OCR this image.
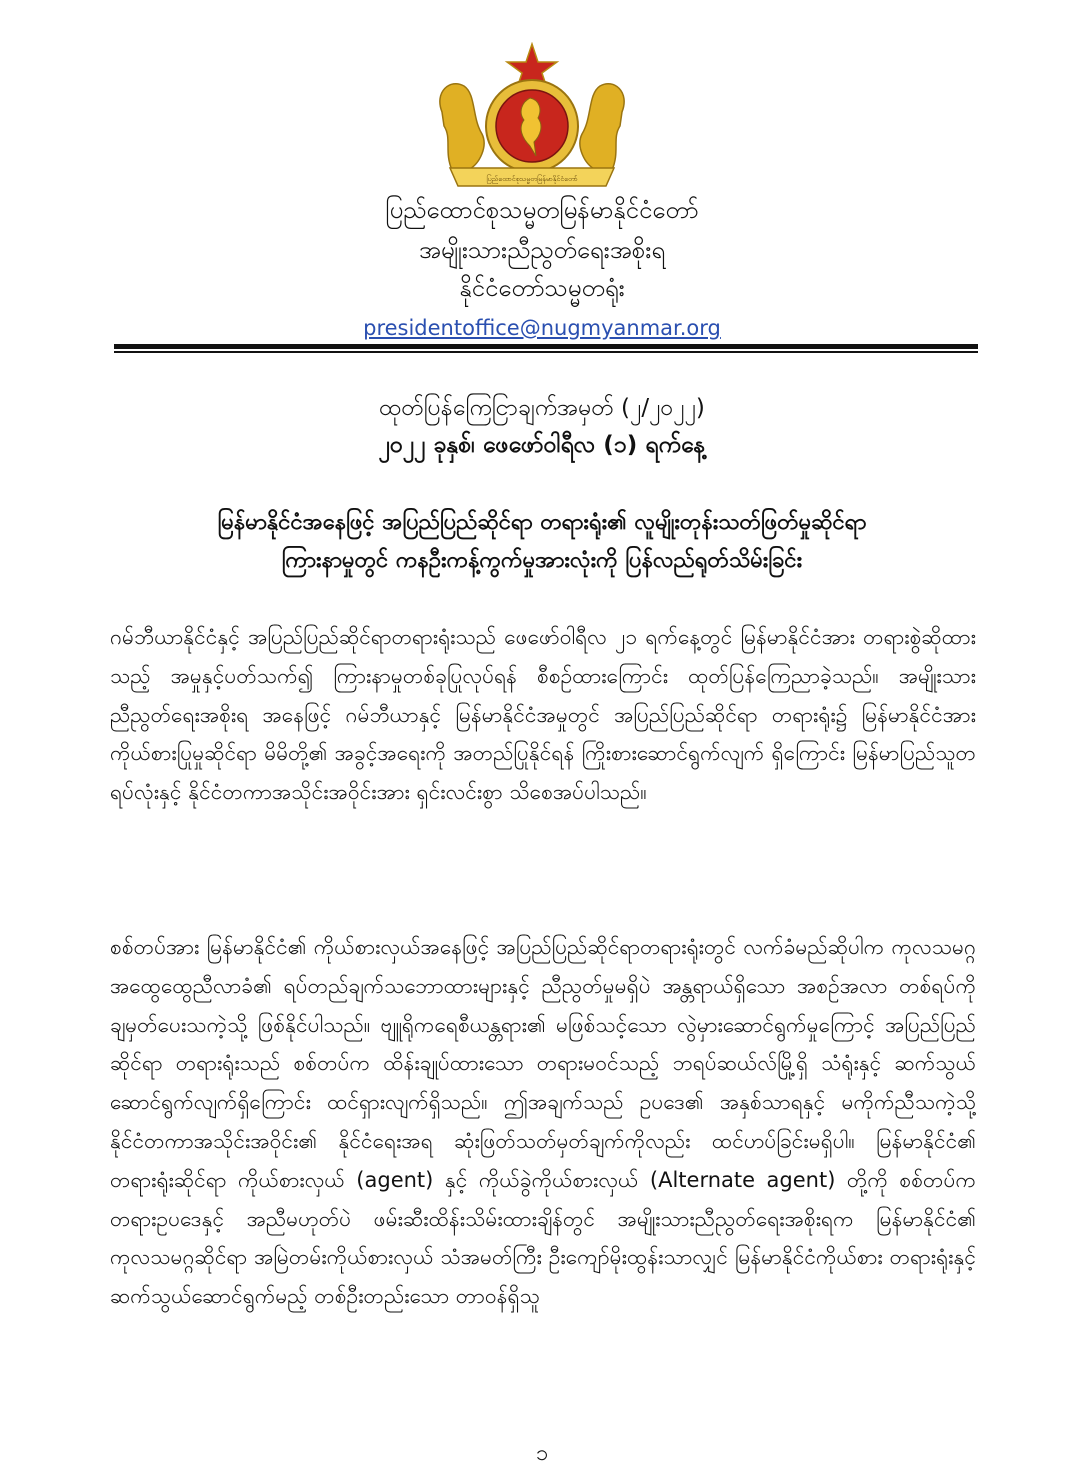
ပြည်ထောင်စုသမ္မတမြန်မာနိုင်ငံတော်
ပြည်ထောင်စုသမ္မတမြန်မာနိုင်ငံတော်
အမျိုးသားညီညွတ်ရေးအစိုးရ
နိုင်ငံတော်သမ္မတရုံး
presidentoffice@nugmyanmar.org
ထုတ်ပြန်ကြေငြာချက်အမှတ် (၂/၂၀၂၂)
၂၀၂၂ ခုနှစ်၊ ဖေဖော်ဝါရီလ (၁) ရက်နေ့
မြန်မာနိုင်ငံအနေဖြင့် အပြည်ပြည်ဆိုင်ရာ တရားရုံး၏ လူမျိုးတုန်းသတ်ဖြတ်မှုဆိုင်ရာ
ကြားနာမှုတွင် ကနဦးကန့်ကွက်မှုအားလုံးကို ပြန်လည်ရုတ်သိမ်းခြင်း
ဂမ်ဘီယာနိုင်ငံနှင့် အပြည်ပြည်ဆိုင်ရာတရားရုံးသည် ဖေဖော်ဝါရီလ ၂၁ ရက်နေ့တွင် မြန်မာနိုင်ငံအား တရားစွဲဆိုထားသည့် အမှုနှင့်ပတ်သက်၍ ကြားနာမှုတစ်ခုပြုလုပ်ရန် စီစဉ်ထားကြောင်း ထုတ်ပြန်ကြေညာခဲ့သည်။ အမျိုးသားညီညွတ်ရေးအစိုးရ အနေဖြင့် ဂမ်ဘီယာနှင့် မြန်မာနိုင်ငံအမှုတွင် အပြည်ပြည်ဆိုင်ရာ တရားရုံး၌ မြန်မာနိုင်ငံအား ကိုယ်စားပြုမှုဆိုင်ရာ မိမိတို့၏ အခွင့်အရေးကို အတည်ပြုနိုင်ရန် ကြိုးစားဆောင်ရွက်လျက် ရှိကြောင်း မြန်မာပြည်သူတရပ်လုံးနှင့် နိုင်ငံတကာအသိုင်းအဝိုင်းအား ရှင်းလင်းစွာ သိစေအပ်ပါသည်။
စစ်တပ်အား မြန်မာနိုင်ငံ၏ ကိုယ်စားလှယ်အနေဖြင့် အပြည်ပြည်ဆိုင်ရာတရားရုံးတွင် လက်ခံမည်ဆိုပါက ကုလသမဂ္ဂ အထွေထွေညီလာခံ၏ ရပ်တည်ချက်သဘောထားများနှင့် ညီညွတ်မှုမရှိပဲ အန္တရာယ်ရှိသော အစဉ်အလာ တစ်ရပ်ကို ချမှတ်ပေးသကဲ့သို့ ဖြစ်နိုင်ပါသည်။ ဗျူရိုကရေစီယန္တရား၏ မဖြစ်သင့်သော လွဲမှားဆောင်ရွက်မှုကြောင့် အပြည်ပြည်ဆိုင်ရာ တရားရုံးသည် စစ်တပ်က ထိန်းချုပ်ထားသော တရားမဝင်သည့် ဘရပ်ဆယ်လ်မြို့ရှိ သံရုံးနှင့် ဆက်သွယ်ဆောင်ရွက်လျက်ရှိကြောင်း ထင်ရှားလျက်ရှိသည်။ ဤအချက်သည် ဥပဒေ၏ အနှစ်သာရနှင့် မကိုက်ညီသကဲ့သို့ နိုင်ငံတကာအသိုင်းအဝိုင်း၏ နိုင်ငံရေးအရ ဆုံးဖြတ်သတ်မှတ်ချက်ကိုလည်း ထင်ဟပ်ခြင်းမရှိပါ။ မြန်မာနိုင်ငံ၏ တရားရုံးဆိုင်ရာ ကိုယ်စားလှယ် (agent) နှင့် ကိုယ်ခွဲကိုယ်စားလှယ် (Alternate agent) တို့ကို စစ်တပ်က တရားဥပဒေနှင့် အညီမဟုတ်ပဲ ဖမ်းဆီးထိန်းသိမ်းထားချိန်တွင် အမျိုးသားညီညွတ်ရေးအစိုးရက မြန်မာနိုင်ငံ၏ ကုလသမဂ္ဂဆိုင်ရာ အမြဲတမ်းကိုယ်စားလှယ် သံအမတ်ကြီး ဦးကျော်မိုးထွန်းသာလျှင် မြန်မာနိုင်ငံကိုယ်စား တရားရုံးနှင့် ဆက်သွယ်ဆောင်ရွက်မည့် တစ်ဦးတည်းသော တာဝန်ရှိသူ
၁
